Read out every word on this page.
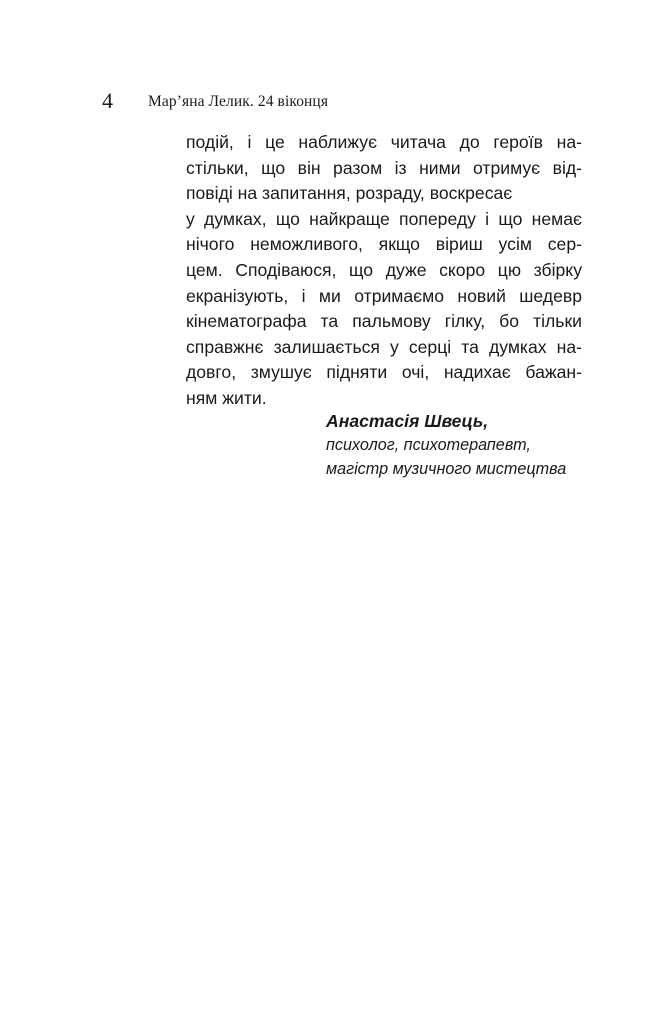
4 Мар’яна Лелик. 24 віконця

подій, і це наближує читача до героїв на-
стільки, що він разом із ними отримує від-
повіді на запитання, розраду, воскресає
у думках, що найкраще попереду і що немає
нічого неможливого, якщо віриш усім сер-
цем. Сподіваюся, що дуже скоро цю збірку
екранізують, і ми отримаємо новий шедевр
кінематографа та пальмову гілку, бо тільки
справжнє залишається у серці та думках на-
довго, змушує підняти очі, надихає бажан-
ням жити.

Анастасія Швець,
психолог, психотерапевт,
магістр музичного мистецтва
